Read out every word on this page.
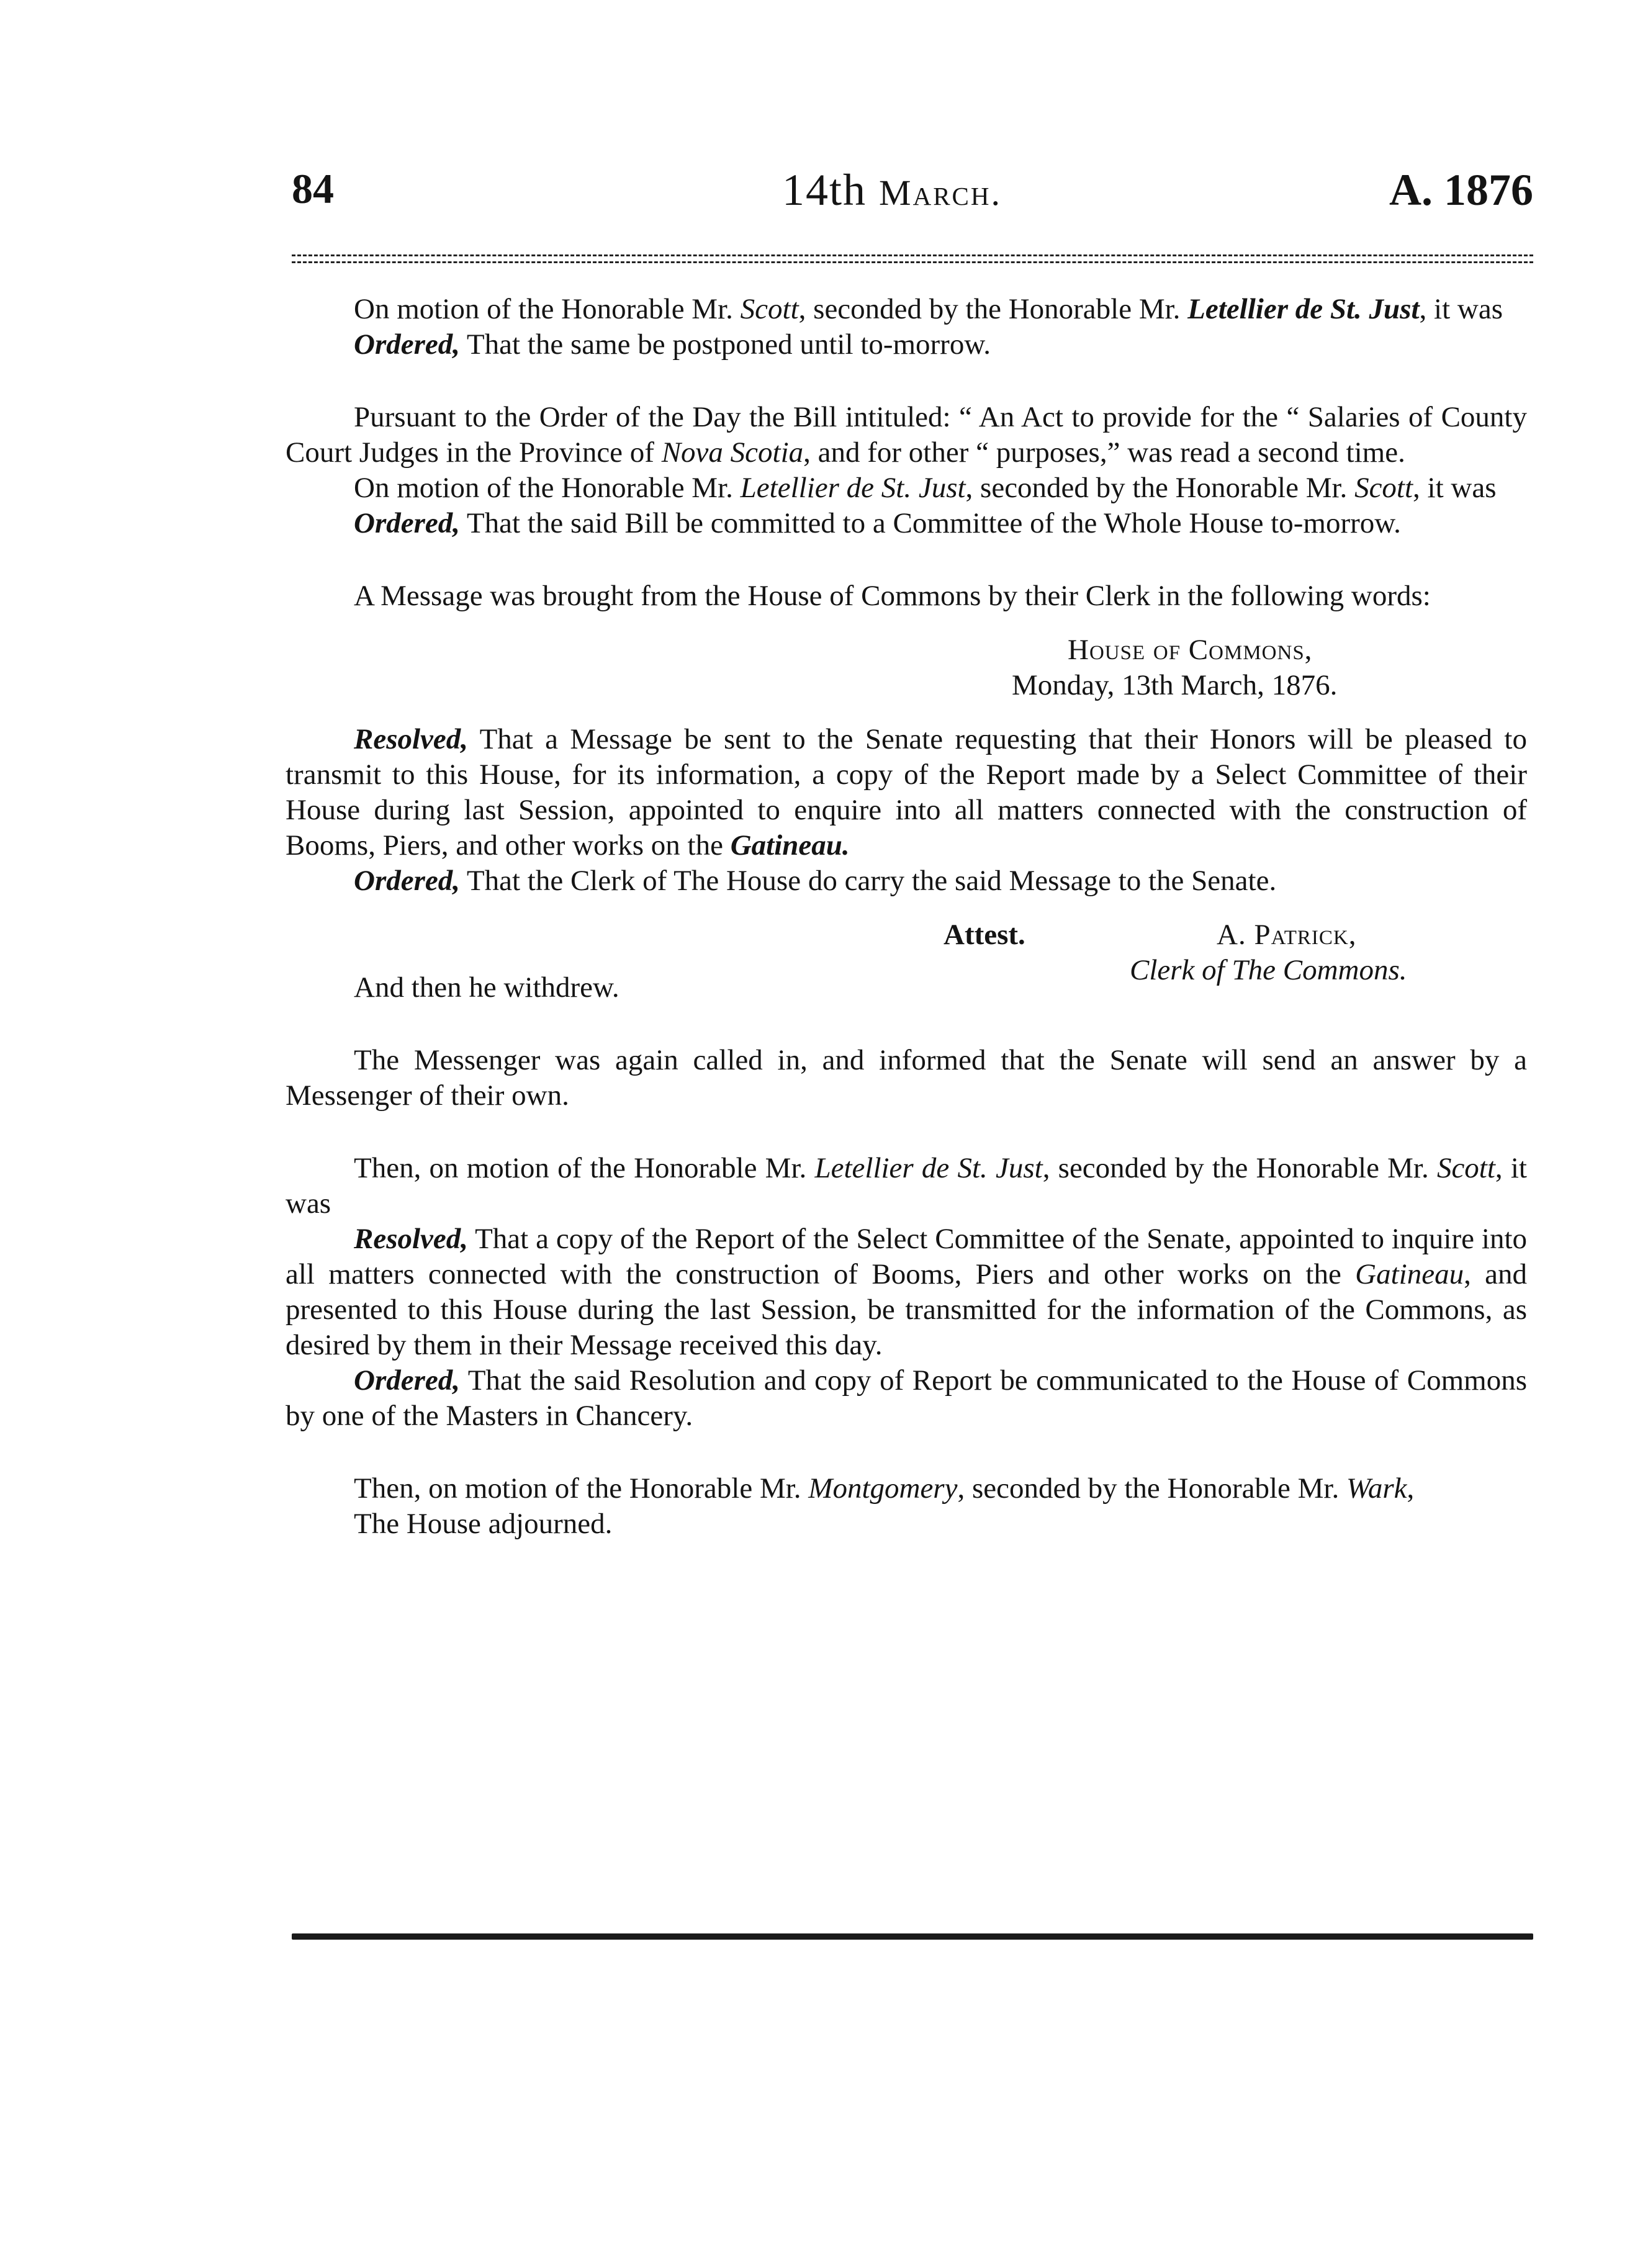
84	14th March.	A. 1876

On motion of the Honorable Mr. Scott, seconded by the Honorable Mr. Letellier de St. Just, it was

Ordered, That the same be postponed until to-morrow.

Pursuant to the Order of the Day the Bill intituled: “ An Act to provide for the “ Salaries of County Court Judges in the Province of Nova Scotia, and for other “ purposes,” was read a second time.

On motion of the Honorable Mr. Letellier de St. Just, seconded by the Honorable Mr. Scott, it was

Ordered, That the said Bill be committed to a Committee of the Whole House to-morrow.

A Message was brought from the House of Commons by their Clerk in the following words:

House of Commons,
Monday, 13th March, 1876.

Resolved, That a Message be sent to the Senate requesting that their Honors will be pleased to transmit to this House, for its information, a copy of the Report made by a Select Committee of their House during last Session, appointed to enquire into all matters connected with the construction of Booms, Piers, and other works on the Gatineau.

Ordered, That the Clerk of The House do carry the said Message to the Senate.

Attest.	A. Patrick,
And then he withdrew.
Clerk of The Commons.

The Messenger was again called in, and informed that the Senate will send an answer by a Messenger of their own.

Then, on motion of the Honorable Mr. Letellier de St. Just, seconded by the Honorable Mr. Scott, it was

Resolved, That a copy of the Report of the Select Committee of the Senate, appointed to inquire into all matters connected with the construction of Booms, Piers and other works on the Gatineau, and presented to this House during the last Session, be transmitted for the information of the Commons, as desired by them in their Message received this day.

Ordered, That the said Resolution and copy of Report be communicated to the House of Commons by one of the Masters in Chancery.

Then, on motion of the Honorable Mr. Montgomery, seconded by the Honorable Mr. Wark,

The House adjourned.
